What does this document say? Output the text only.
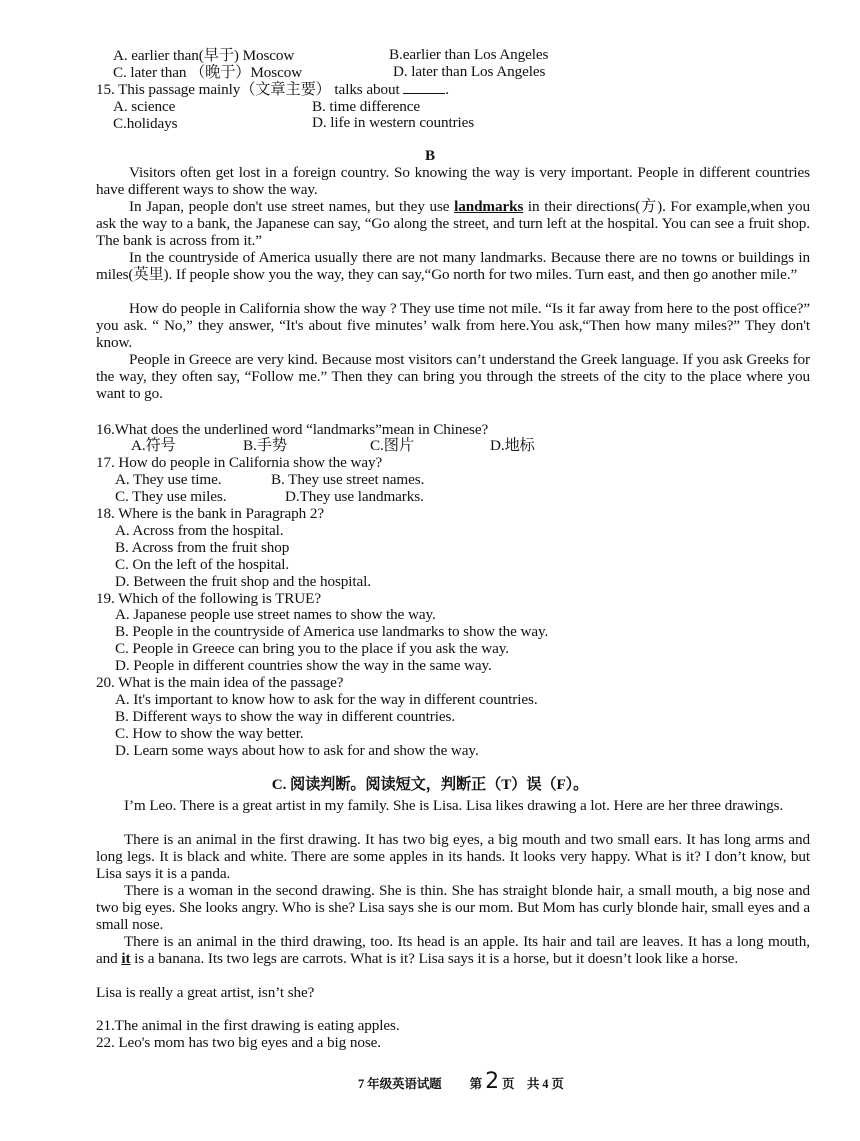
A. earlier than(早于) Moscow	B.earlier than Los Angeles
C. later than （晚于）Moscow	D. later than Los Angeles
15. This passage mainly（文章主要） talks about	.
A. science	B. time difference
C.holidays	D. life in western countries
B
Visitors often get lost in a foreign country. So knowing the way is very important. People in different countries have different ways to show the way.
In Japan, people don't use street names, but they use landmarks in their directions(方). For example,when you ask the way to a bank, the Japanese can say, “Go along the street, and turn left at the hospital. You can see a fruit shop. The bank is across from it.”
In the countryside of America usually there are not many landmarks. Because there are no towns or buildings in miles(英里). If people show you the way, they can say,“Go north for two miles. Turn east, and then go another mile.”
How do people in California show the way ? They use time not mile. “Is it far away from here to the post office?” you ask. “ No,” they answer, “It's about five minutes’ walk from here.You ask,“Then how many miles?” They don't know.
People in Greece are very kind. Because most visitors can’t understand the Greek language. If you ask Greeks for the way, they often say, “Follow me.” Then they can bring you through the streets of the city to the place where you want to go.
16.What does the underlined word “landmarks”mean in Chinese?
A.符号	B.手势	C.图片	D.地标
17. How do people in California show the way?
A. They use time.	B. They use street names.
C. They use miles.	D.They use landmarks.
18. Where is the bank in Paragraph 2?
A. Across from the hospital.
B. Across from the fruit shop
C. On the left of the hospital.
D. Between the fruit shop and the hospital.
19. Which of the following is TRUE?
A. Japanese people use street names to show the way.
B. People in the countryside of America use landmarks to show the way.
C. People in Greece can bring you to the place if you ask the way.
D. People in different countries show the way in the same way.
20. What is the main idea of the passage?
A. It's important to know how to ask for the way in different countries.
B. Different ways to show the way in different countries.
C. How to show the way better.
D. Learn some ways about how to ask for and show the way.
C. 阅读判断。阅读短文，判断正（T）误（F）。
I’m Leo. There is a great artist in my family. She is Lisa. Lisa likes drawing a lot. Here are her three drawings.
There is an animal in the first drawing. It has two big eyes, a big mouth and two small ears. It has long arms and long legs. It is black and white. There are some apples in its hands. It looks very happy. What is it? I don’t know, but Lisa says it is a panda.
There is a woman in the second drawing. She is thin. She has straight blonde hair, a small mouth, a big nose and two big eyes. She looks angry. Who is she? Lisa says she is our mom. But Mom has curly blonde hair, small eyes and a small nose.
There is an animal in the third drawing, too. Its head is an apple. Its hair and tail are leaves. It has a long mouth, and it is a banana. Its two legs are carrots. What is it? Lisa says it is a horse, but it doesn’t look like a horse.
Lisa is really a great artist, isn’t she?
21.The animal in the first drawing is eating apples.
22. Leo's mom has two big eyes and a big nose.
7 年级英语试题 第 2 页　共 4 页
